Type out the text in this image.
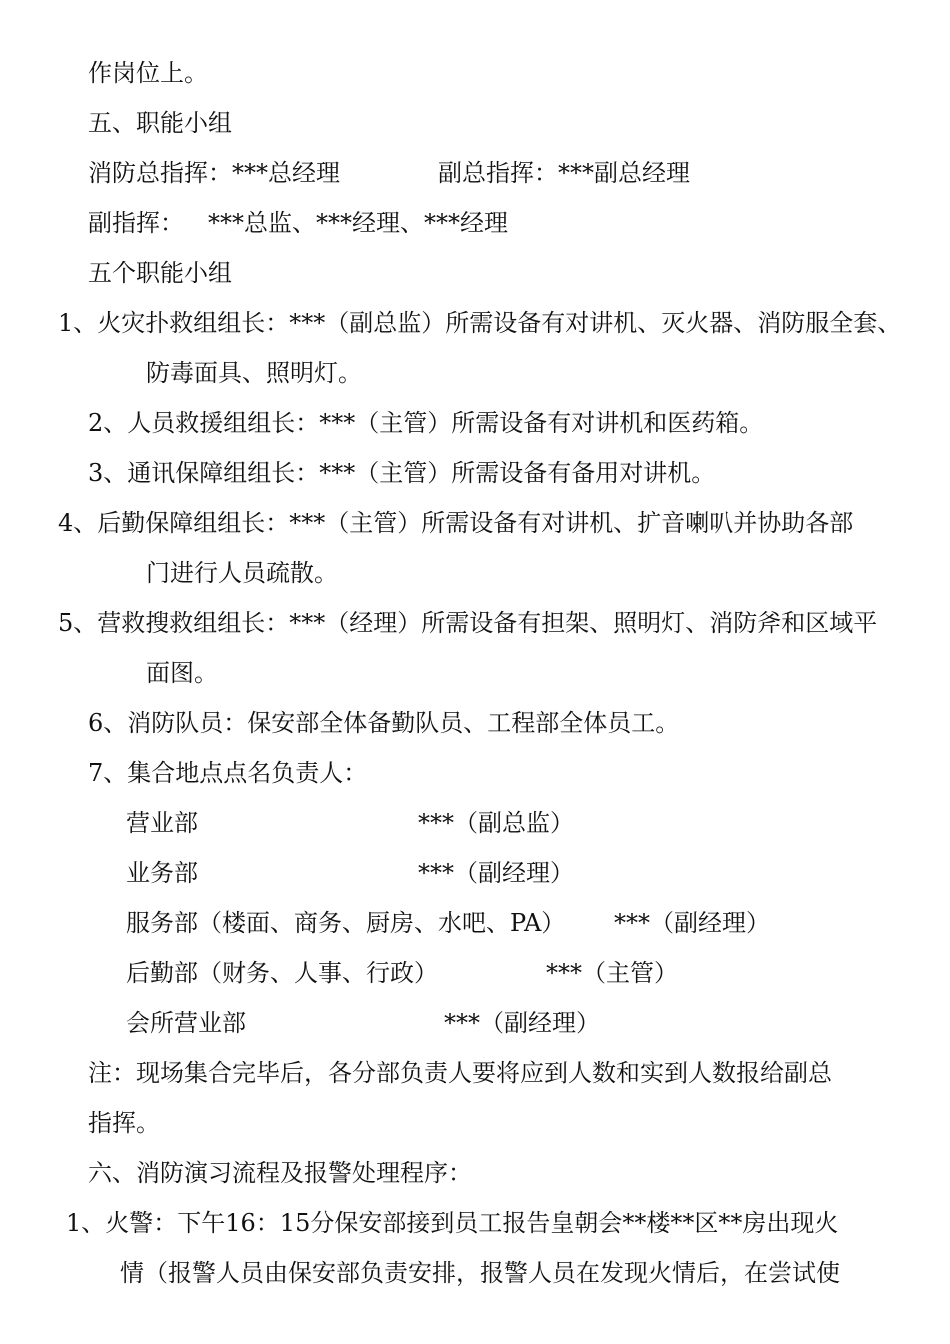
作岗位上。
五、职能小组
消防总指挥：***总经理	副总指挥：***副总经理
副指挥： ***总监、***经理、***经理
五个职能小组
1、火灾扑救组组长：***（副总监）所需设备有对讲机、灭火器、消防服全套、
防毒面具、照明灯。
2、人员救援组组长：***（主管）所需设备有对讲机和医药箱。
3、通讯保障组组长：***（主管）所需设备有备用对讲机。
4、后勤保障组组长：***（主管）所需设备有对讲机、扩音喇叭并协助各部
门进行人员疏散。
5、营救搜救组组长：***（经理）所需设备有担架、照明灯、消防斧和区域平
面图。
6、消防队员：保安部全体备勤队员、工程部全体员工。
7、集合地点点名负责人：
营业部	***（副总监）
业务部	***（副经理）
服务部（楼面、商务、厨房、水吧、PA） ***（副经理）
后勤部（财务、人事、行政）	***（主管）
会所营业部	***（副经理）
注：现场集合完毕后，各分部负责人要将应到人数和实到人数报给副总
指挥。
六、消防演习流程及报警处理程序：
1、火警：下午16：15分保安部接到员工报告皇朝会**楼**区**房出现火
情（报警人员由保安部负责安排，报警人员在发现火情后，在尝试使
